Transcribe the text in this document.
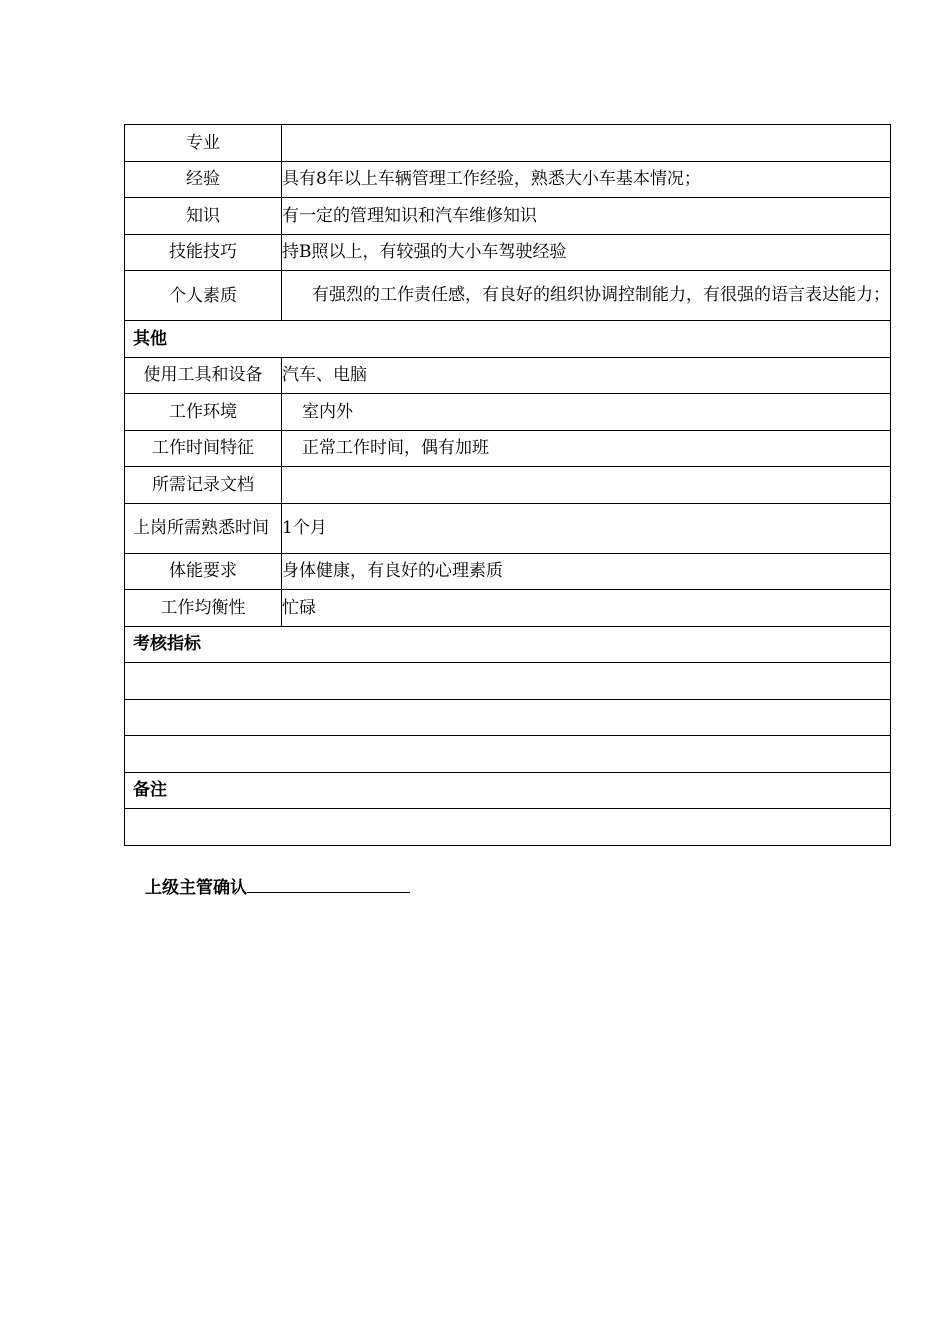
专业	
经验	具有8年以上车辆管理工作经验，熟悉大小车基本情况；
知识	有一定的管理知识和汽车维修知识
技能技巧	持B照以上，有较强的大小车驾驶经验
个人素质	有强烈的工作责任感，有良好的组织协调控制能力，有很强的语言表达能力；
其他	
使用工具和设备	汽车、电脑
工作环境	室内外
工作时间特征	正常工作时间，偶有加班
所需记录文档	
上岗所需熟悉时间	1个月
体能要求	身体健康，有良好的心理素质
工作均衡性	忙碌
考核指标	

备注	

上级主管确认
